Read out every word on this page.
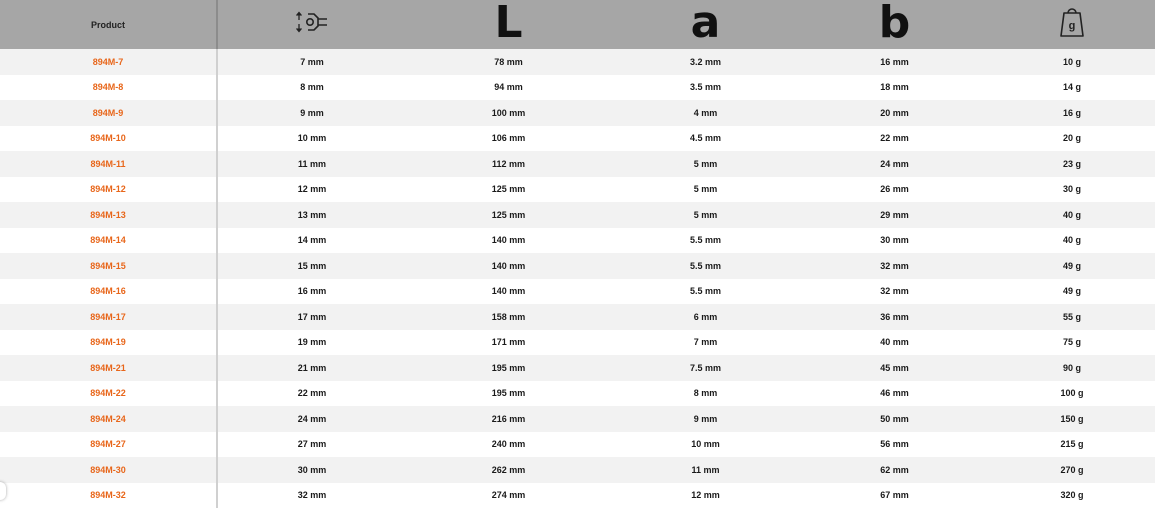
Product		L	a	b	g

894M-7	7 mm	78 mm	3.2 mm	16 mm	10 g
894M-8	8 mm	94 mm	3.5 mm	18 mm	14 g
894M-9	9 mm	100 mm	4 mm	20 mm	16 g
894M-10	10 mm	106 mm	4.5 mm	22 mm	20 g
894M-11	11 mm	112 mm	5 mm	24 mm	23 g
894M-12	12 mm	125 mm	5 mm	26 mm	30 g
894M-13	13 mm	125 mm	5 mm	29 mm	40 g
894M-14	14 mm	140 mm	5.5 mm	30 mm	40 g
894M-15	15 mm	140 mm	5.5 mm	32 mm	49 g
894M-16	16 mm	140 mm	5.5 mm	32 mm	49 g
894M-17	17 mm	158 mm	6 mm	36 mm	55 g
894M-19	19 mm	171 mm	7 mm	40 mm	75 g
894M-21	21 mm	195 mm	7.5 mm	45 mm	90 g
894M-22	22 mm	195 mm	8 mm	46 mm	100 g
894M-24	24 mm	216 mm	9 mm	50 mm	150 g
894M-27	27 mm	240 mm	10 mm	56 mm	215 g
894M-30	30 mm	262 mm	11 mm	62 mm	270 g
894M-32	32 mm	274 mm	12 mm	67 mm	320 g
